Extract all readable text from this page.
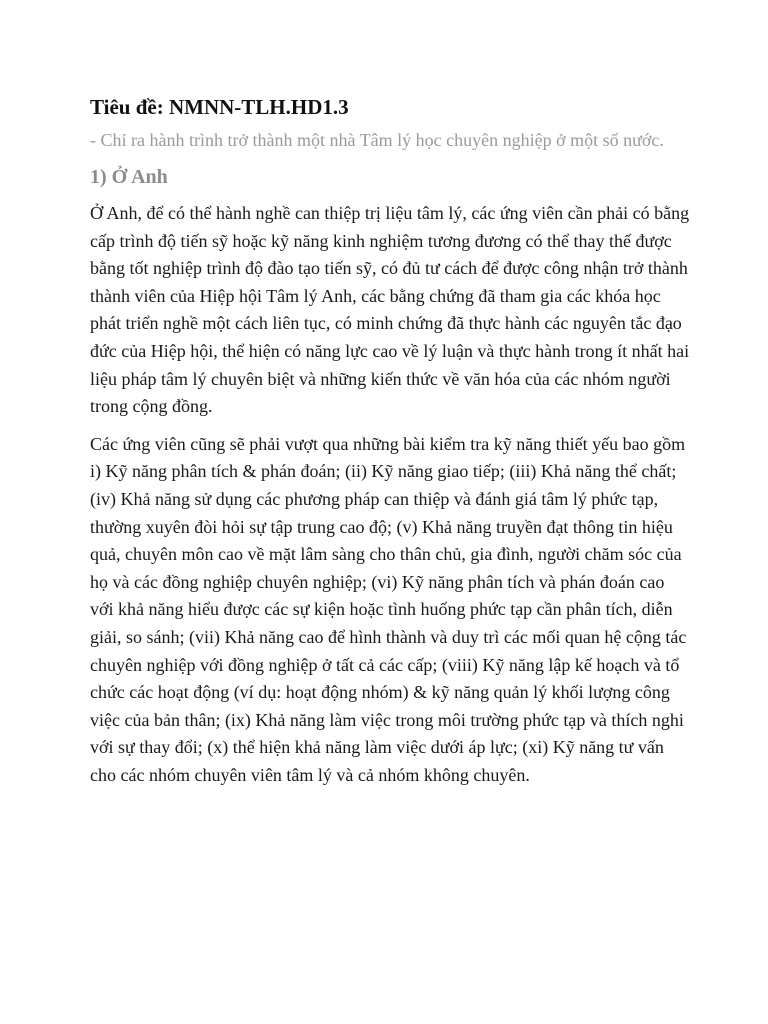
Tiêu đề: NMNN-TLH.HD1.3

- Chỉ ra hành trình trở thành một nhà Tâm lý học chuyên nghiệp ở một số nước.

1) Ở Anh

Ở Anh, để có thể hành nghề can thiệp trị liệu tâm lý, các ứng viên cần phải có bằng cấp trình độ tiến sỹ hoặc kỹ năng kinh nghiệm tương đương có thể thay thế được bằng tốt nghiệp trình độ đào tạo tiến sỹ, có đủ tư cách để được công nhận trở thành thành viên của Hiệp hội Tâm lý Anh, các bằng chứng đã tham gia các khóa học phát triển nghề một cách liên tục, có minh chứng đã thực hành các nguyên tắc đạo đức của Hiệp hội, thể hiện có năng lực cao về lý luận và thực hành trong ít nhất hai liệu pháp tâm lý chuyên biệt và những kiến thức về văn hóa của các nhóm người trong cộng đồng.

Các ứng viên cũng sẽ phải vượt qua những bài kiểm tra kỹ năng thiết yếu bao gồm i) Kỹ năng phân tích & phán đoán; (ii) Kỹ năng giao tiếp; (iii) Khả năng thể chất; (iv) Khả năng sử dụng các phương pháp can thiệp và đánh giá tâm lý phức tạp, thường xuyên đòi hỏi sự tập trung cao độ; (v) Khả năng truyền đạt thông tin hiệu quả, chuyên môn cao về mặt lâm sàng cho thân chủ, gia đình, người chăm sóc của họ và các đồng nghiệp chuyên nghiệp; (vi) Kỹ năng phân tích và phán đoán cao với khả năng hiểu được các sự kiện hoặc tình huống phức tạp cần phân tích, diễn giải, so sánh; (vii) Khả năng cao để hình thành và duy trì các mối quan hệ cộng tác chuyên nghiệp với đồng nghiệp ở tất cả các cấp; (viii) Kỹ năng lập kế hoạch và tổ chức các hoạt động (ví dụ: hoạt động nhóm) & kỹ năng quản lý khối lượng công việc của bản thân; (ix) Khả năng làm việc trong môi trường phức tạp và thích nghi với sự thay đổi; (x) thể hiện khả năng làm việc dưới áp lực; (xi) Kỹ năng tư vấn cho các nhóm chuyên viên tâm lý và cả nhóm không chuyên.
